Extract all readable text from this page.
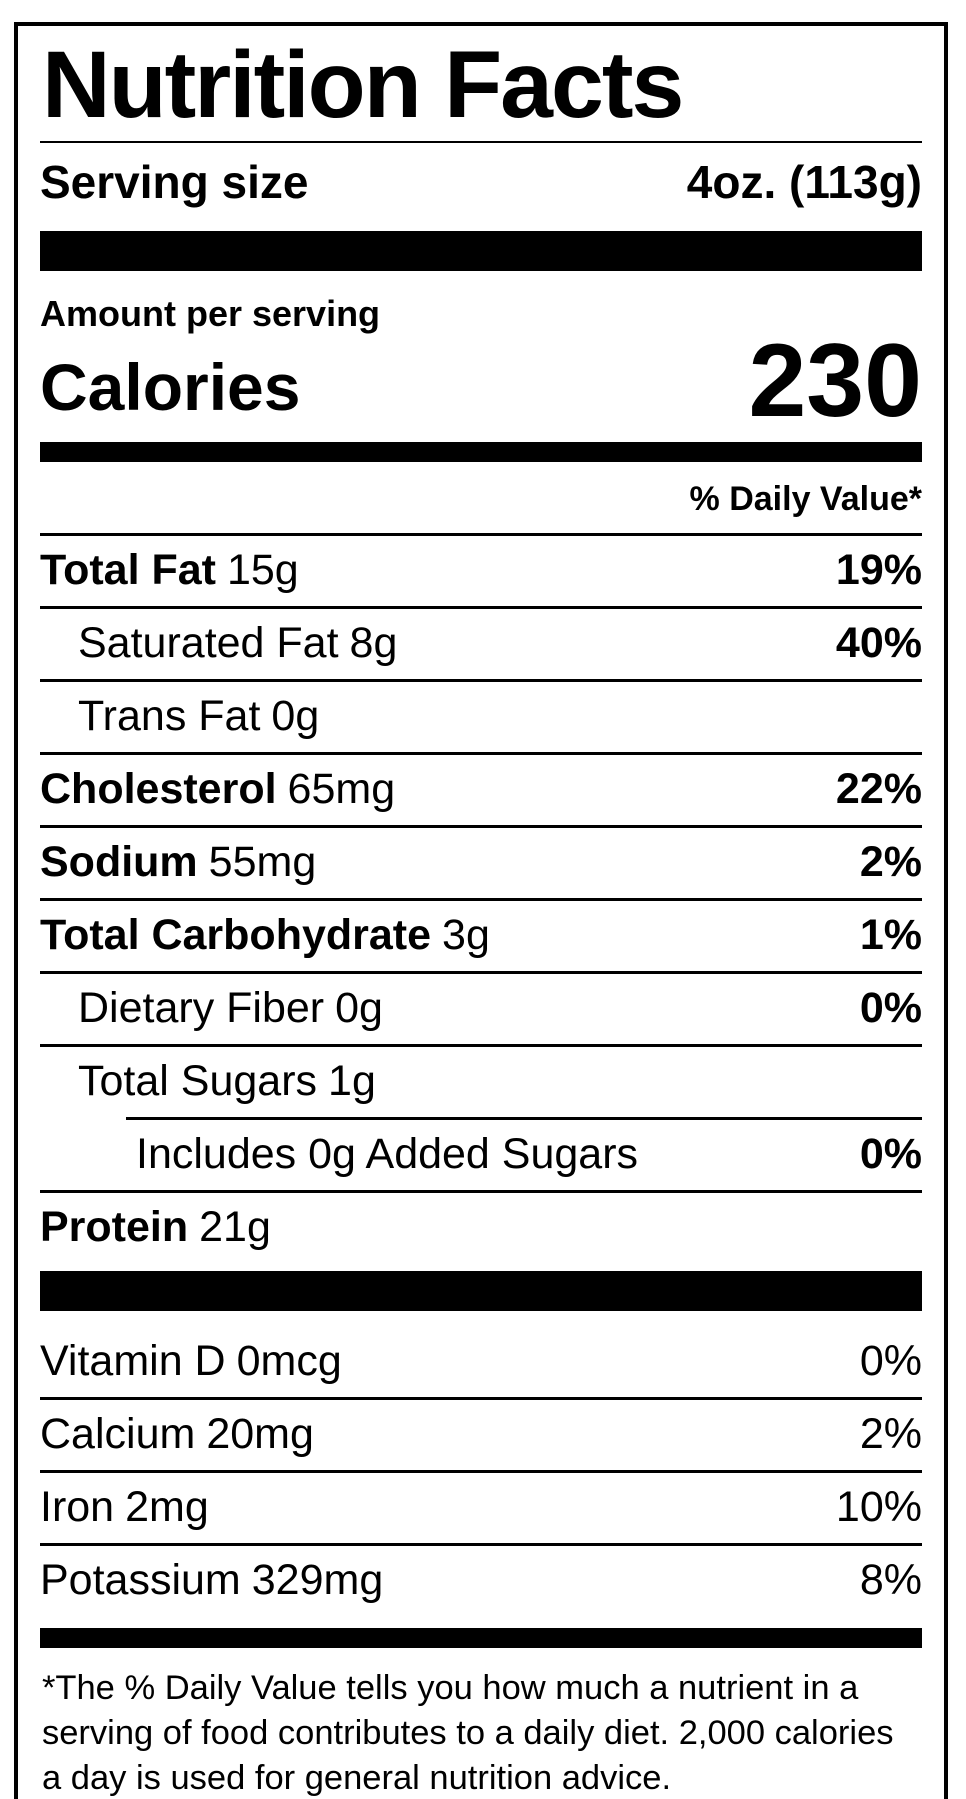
Nutrition Facts
Serving size	4oz. (113g)
Amount per serving
Calories	230
% Daily Value*
Total Fat 15g	19%
Saturated Fat 8g	40%
Trans Fat 0g
Cholesterol 65mg	22%
Sodium 55mg	2%
Total Carbohydrate 3g	1%
Dietary Fiber 0g	0%
Total Sugars 1g
Includes 0g Added Sugars	0%
Protein 21g
Vitamin D 0mcg	0%
Calcium 20mg	2%
Iron 2mg	10%
Potassium 329mg	8%

*The % Daily Value tells you how much a nutrient in a serving of food contributes to a daily diet. 2,000 calories a day is used for general nutrition advice.
